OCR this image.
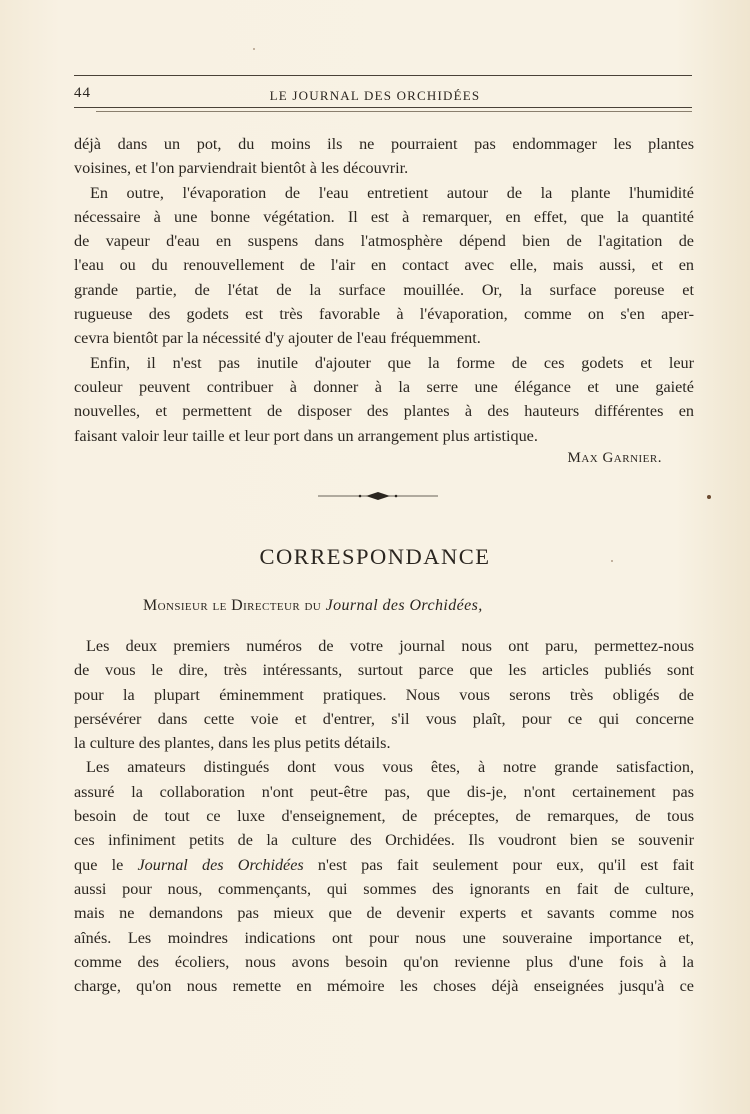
44	LE JOURNAL DES ORCHIDÉES

déjà dans un pot, du moins ils ne pourraient pas endommager les plantes
voisines, et l'on parviendrait bientôt à les découvrir.

En outre, l'évaporation de l'eau entretient autour de la plante l'humidité
nécessaire à une bonne végétation. Il est à remarquer, en effet, que la quantité
de vapeur d'eau en suspens dans l'atmosphère dépend bien de l'agitation de
l'eau ou du renouvellement de l'air en contact avec elle, mais aussi, et en
grande partie, de l'état de la surface mouillée. Or, la surface poreuse et
rugueuse des godets est très favorable à l'évaporation, comme on s'en aper-
cevra bientôt par la nécessité d'y ajouter de l'eau fréquemment.

Enfin, il n'est pas inutile d'ajouter que la forme de ces godets et leur
couleur peuvent contribuer à donner à la serre une élégance et une gaieté
nouvelles, et permettent de disposer des plantes à des hauteurs différentes en
faisant valoir leur taille et leur port dans un arrangement plus artistique.

Max Garnier.
CORRESPONDANCE
Monsieur le Directeur du Journal des Orchidées,

Les deux premiers numéros de votre journal nous ont paru, permettez-nous
de vous le dire, très intéressants, surtout parce que les articles publiés sont
pour la plupart éminemment pratiques. Nous vous serons très obligés de
persévérer dans cette voie et d'entrer, s'il vous plaît, pour ce qui concerne
la culture des plantes, dans les plus petits détails.

Les amateurs distingués dont vous vous êtes, à notre grande satisfaction,
assuré la collaboration n'ont peut-être pas, que dis-je, n'ont certainement pas
besoin de tout ce luxe d'enseignement, de préceptes, de remarques, de tous
ces infiniment petits de la culture des Orchidées. Ils voudront bien se souvenir
que le Journal des Orchidées n'est pas fait seulement pour eux, qu'il est fait
aussi pour nous, commençants, qui sommes des ignorants en fait de culture,
mais ne demandons pas mieux que de devenir experts et savants comme nos
aînés. Les moindres indications ont pour nous une souveraine importance et,
comme des écoliers, nous avons besoin qu'on revienne plus d'une fois à la
charge, qu'on nous remette en mémoire les choses déjà enseignées jusqu'à ce
